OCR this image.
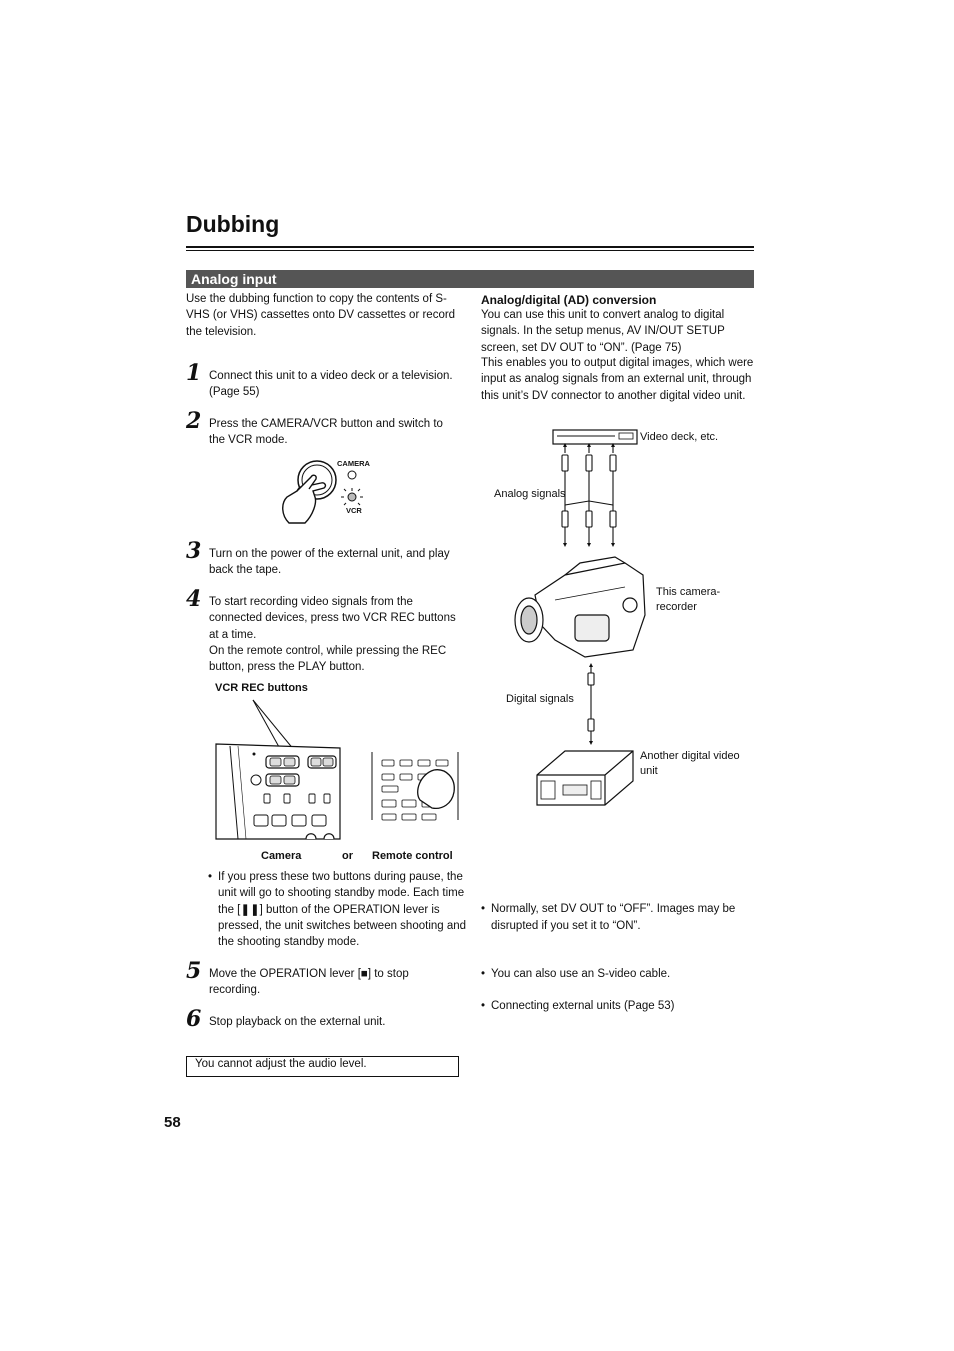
Dubbing
Analog input
Use the dubbing function to copy the contents of S-VHS (or VHS) cassettes onto DV cassettes or record the television.
1 Connect this unit to a video deck or a television. (Page 55)
2 Press the CAMERA/VCR button and switch to the VCR mode.
CAMERA
VCR
3 Turn on the power of the external unit, and play back the tape.
4 To start recording video signals from the connected devices, press two VCR REC buttons at a time.
On the remote control, while pressing the REC button, press the PLAY button.
VCR REC buttons
Camera	or Remote control
• If you press these two buttons during pause, the unit will go to shooting standby mode. Each time the [❚❚] button of the OPERATION lever is pressed, the unit switches between shooting and the shooting standby mode.
5 Move the OPERATION lever [■] to stop recording.
6 Stop playback on the external unit.
You cannot adjust the audio level.
58
Analog/digital (AD) conversion
You can use this unit to convert analog to digital signals. In the setup menus, AV IN/OUT SETUP screen, set DV OUT to “ON”. (Page 75)
This enables you to output digital images, which were input as analog signals from an external unit, through this unit’s DV connector to another digital video unit.
Video deck, etc.
Analog signals
This camera-recorder
Digital signals
Another digital video unit
• Normally, set DV OUT to “OFF”. Images may be disrupted if you set it to “ON”.
• You can also use an S-video cable.
• Connecting external units (Page 53)
